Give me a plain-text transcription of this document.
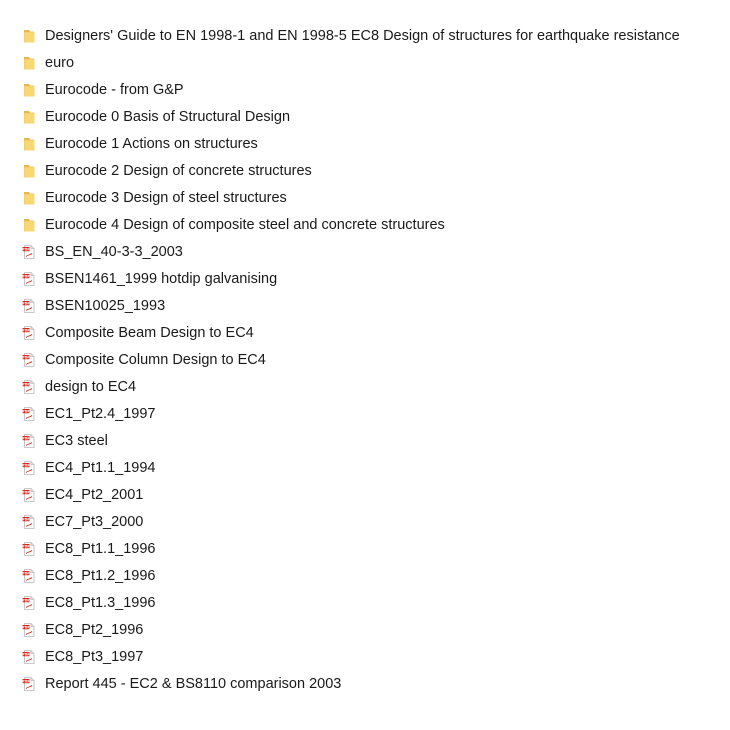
Designers' Guide to EN 1998-1 and EN 1998-5 EC8 Design of structures for earthquake resistance
euro
Eurocode - from G&P
Eurocode 0 Basis of Structural Design
Eurocode 1 Actions on structures
Eurocode 2 Design of concrete structures
Eurocode 3 Design of steel structures
Eurocode 4 Design of composite steel and concrete structures
PDF BS_EN_40-3-3_2003
PDF BSEN1461_1999 hotdip galvanising
PDF BSEN10025_1993
PDF Composite Beam Design to EC4
PDF Composite Column Design to EC4
PDF design to EC4
PDF EC1_Pt2.4_1997
PDF EC3 steel
PDF EC4_Pt1.1_1994
PDF EC4_Pt2_2001
PDF EC7_Pt3_2000
PDF EC8_Pt1.1_1996
PDF EC8_Pt1.2_1996
PDF EC8_Pt1.3_1996
PDF EC8_Pt2_1996
PDF EC8_Pt3_1997
PDF Report 445 - EC2 & BS8110 comparison 2003
